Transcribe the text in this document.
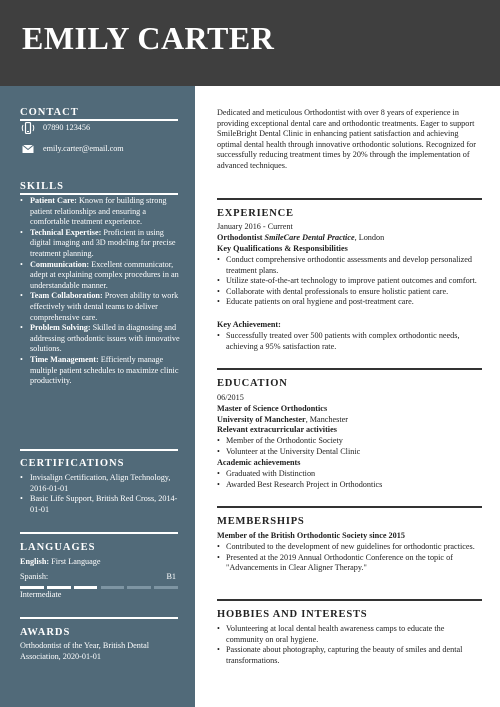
EMILY CARTER
CONTACT
07890 123456
emily.carter@email.com
SKILLS
• Patient Care: Known for building strong patient relationships and ensuring a comfortable treatment experience.
• Technical Expertise: Proficient in using digital imaging and 3D modeling for precise treatment planning.
• Communication: Excellent communicator, adept at explaining complex procedures in an understandable manner.
• Team Collaboration: Proven ability to work effectively with dental teams to deliver comprehensive care.
• Problem Solving: Skilled in diagnosing and addressing orthodontic issues with innovative solutions.
• Time Management: Efficiently manage multiple patient schedules to maximize clinic productivity.
CERTIFICATIONS
• Invisalign Certification, Align Technology, 2016-01-01
• Basic Life Support, British Red Cross, 2014-01-01
LANGUAGES
English: First Language
Spanish:	B1
Intermediate
AWARDS
Orthodontist of the Year, British Dental Association, 2020-01-01
Dedicated and meticulous Orthodontist with over 8 years of experience in providing exceptional dental care and orthodontic treatments. Eager to support SmileBright Dental Clinic in enhancing patient satisfaction and achieving optimal dental health through innovative orthodontic solutions. Recognized for successfully reducing treatment times by 20% through the implementation of advanced techniques.
EXPERIENCE
January 2016 - Current
Orthodontist SmileCare Dental Practice, London
Key Qualifications & Responsibilities
• Conduct comprehensive orthodontic assessments and develop personalized treatment plans.
• Utilize state-of-the-art technology to improve patient outcomes and comfort.
• Collaborate with dental professionals to ensure holistic patient care.
• Educate patients on oral hygiene and post-treatment care.
Key Achievement:
• Successfully treated over 500 patients with complex orthodontic needs, achieving a 95% satisfaction rate.
EDUCATION
06/2015
Master of Science Orthodontics
University of Manchester, Manchester
Relevant extracurricular activities
• Member of the Orthodontic Society
• Volunteer at the University Dental Clinic
Academic achievements
• Graduated with Distinction
• Awarded Best Research Project in Orthodontics
MEMBERSHIPS
Member of the British Orthodontic Society since 2015
• Contributed to the development of new guidelines for orthodontic practices.
• Presented at the 2019 Annual Orthodontic Conference on the topic of "Advancements in Clear Aligner Therapy."
HOBBIES AND INTERESTS
• Volunteering at local dental health awareness camps to educate the community on oral hygiene.
• Passionate about photography, capturing the beauty of smiles and dental transformations.
